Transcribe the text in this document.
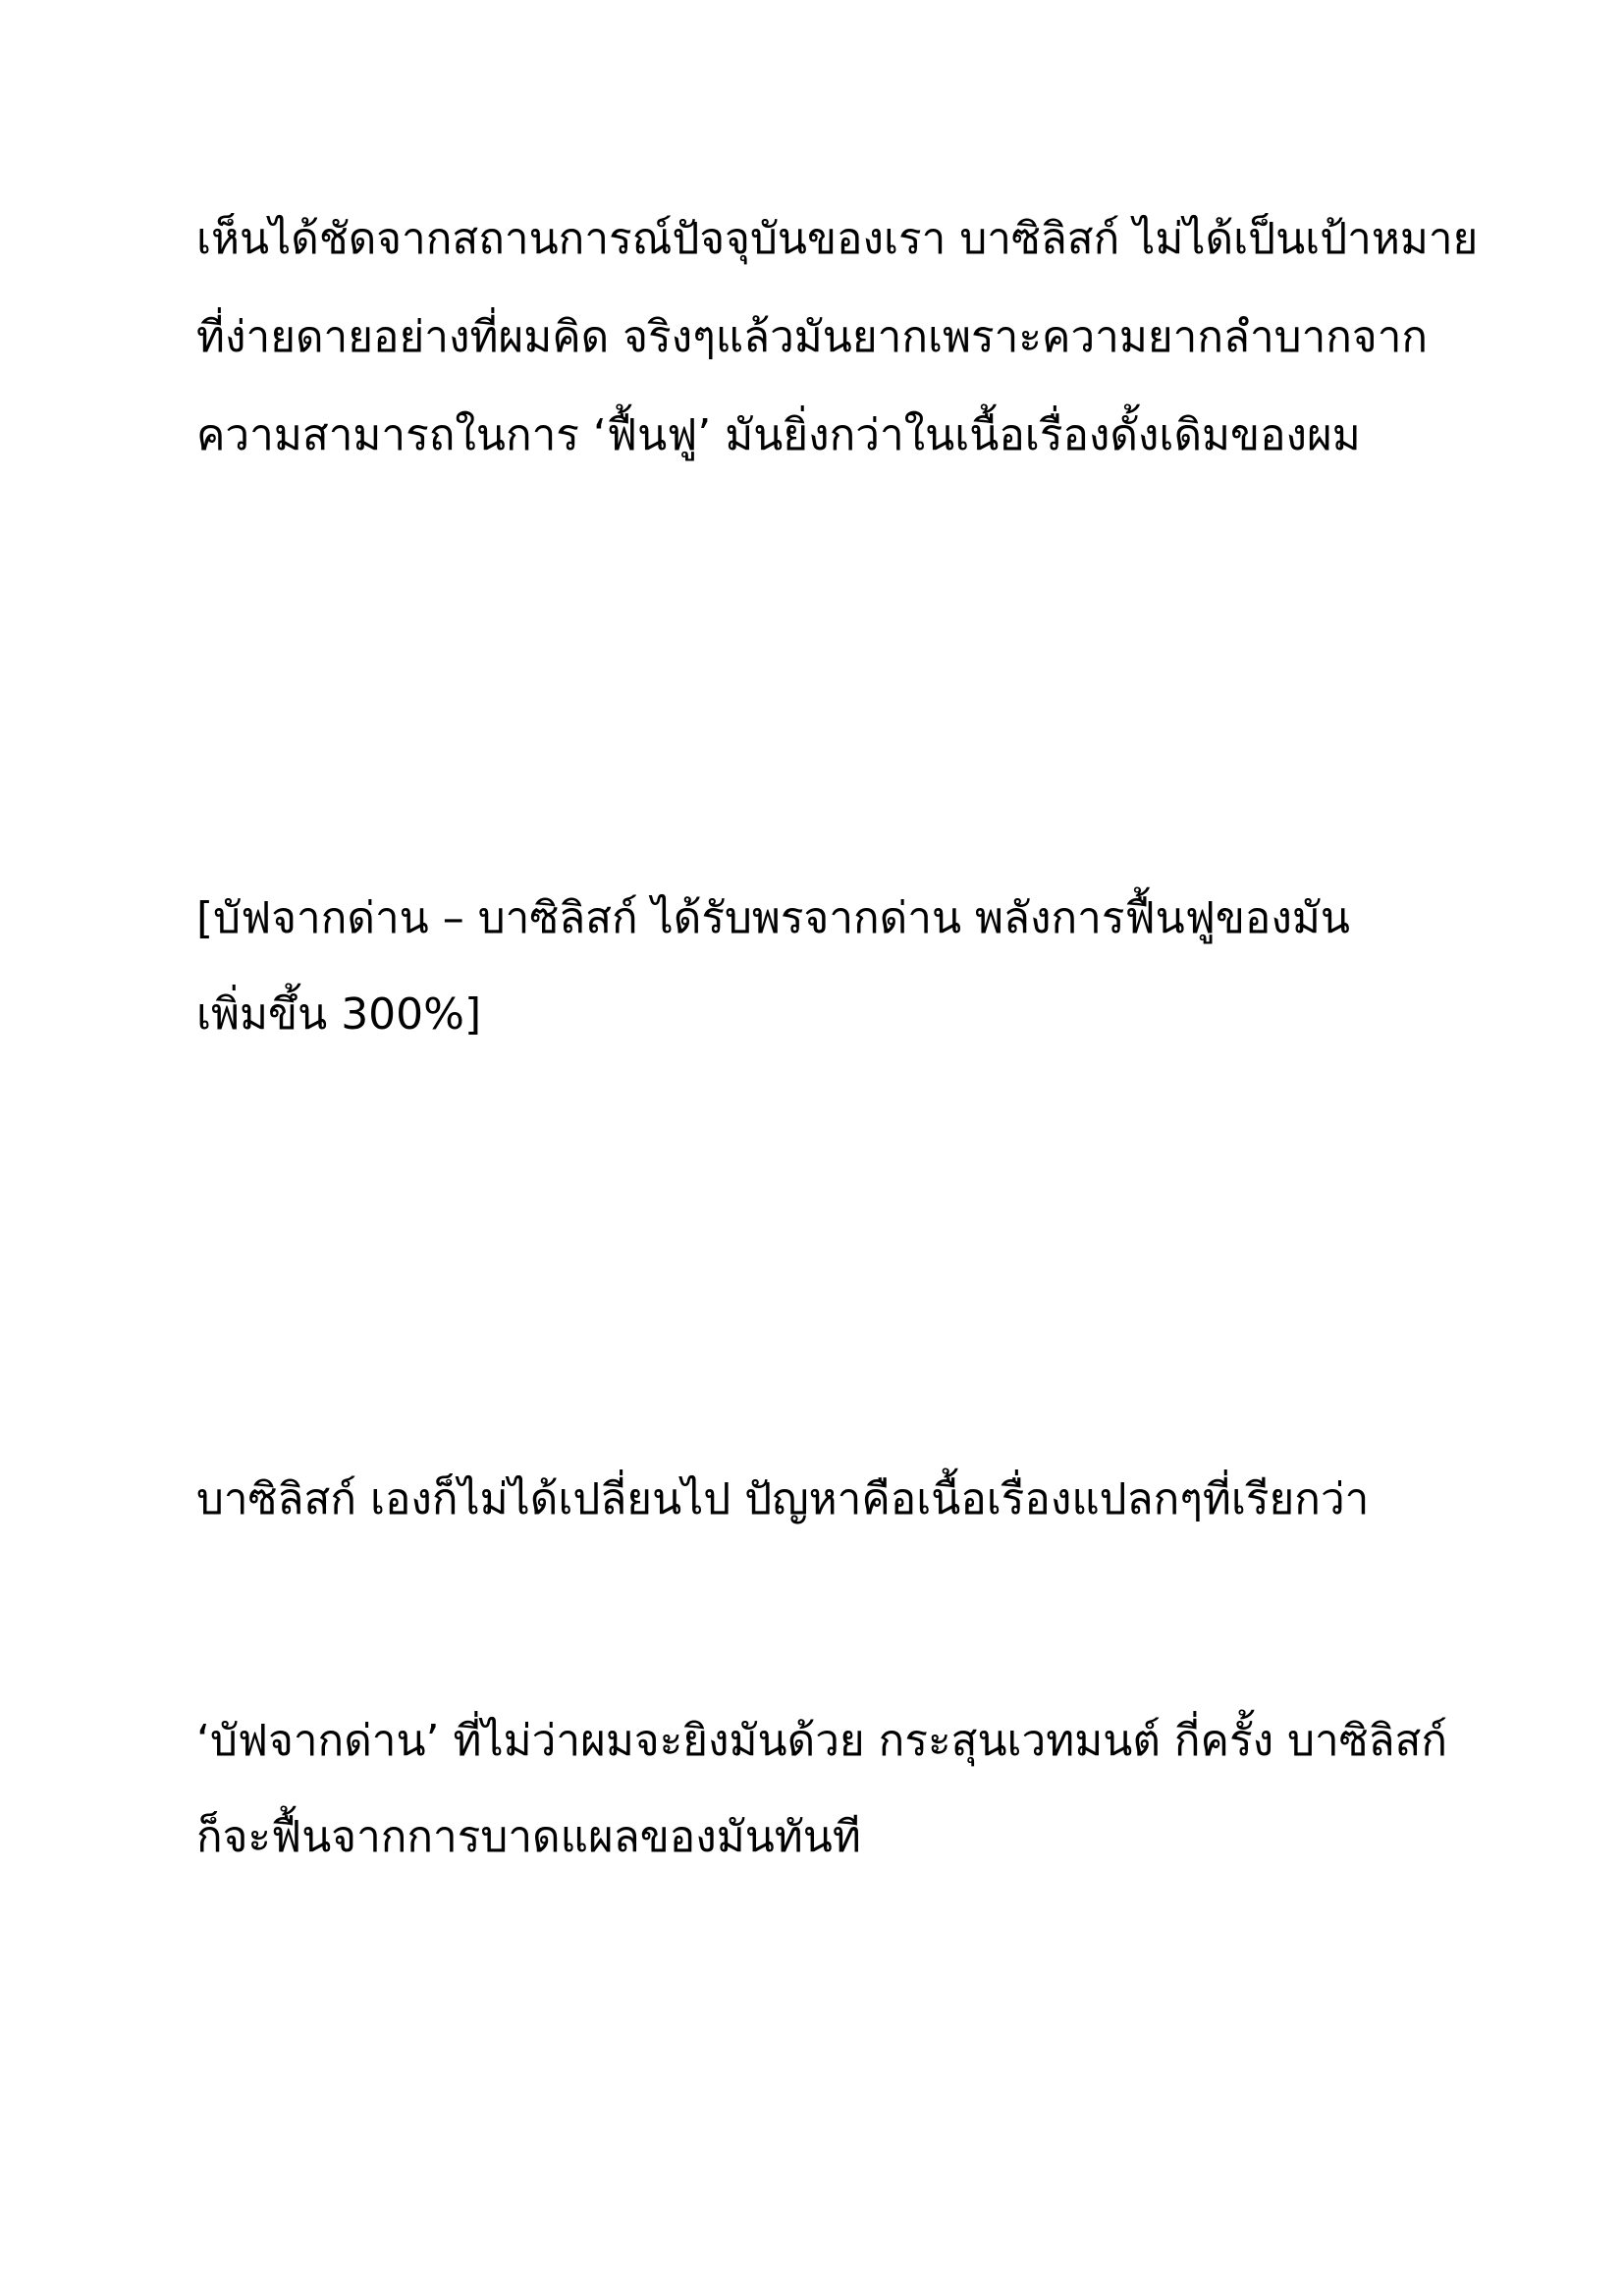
เห็นได้ชัดจากสถานการณ์ปัจจุบันของเรา บาซิลิสก์ ไม่ได้เป็นเป้าหมาย
ที่ง่ายดายอย่างที่ผมคิด จริงๆแล้วมันยากเพราะความยากลำบากจาก
ความสามารถในการ ‘ฟื้นฟู’ มันยิ่งกว่าในเนื้อเรื่องดั้งเดิมของผม
[บัฟจากด่าน – บาซิลิสก์ ได้รับพรจากด่าน พลังการฟื้นฟูของมัน
เพิ่มขึ้น 300%]
บาซิลิสก์ เองก็ไม่ได้เปลี่ยนไป ปัญหาคือเนื้อเรื่องแปลกๆที่เรียกว่า
‘บัฟจากด่าน’ ที่ไม่ว่าผมจะยิงมันด้วย กระสุนเวทมนต์ กี่ครั้ง บาซิลิสก์
ก็จะฟื้นจากการบาดแผลของมันทันที
